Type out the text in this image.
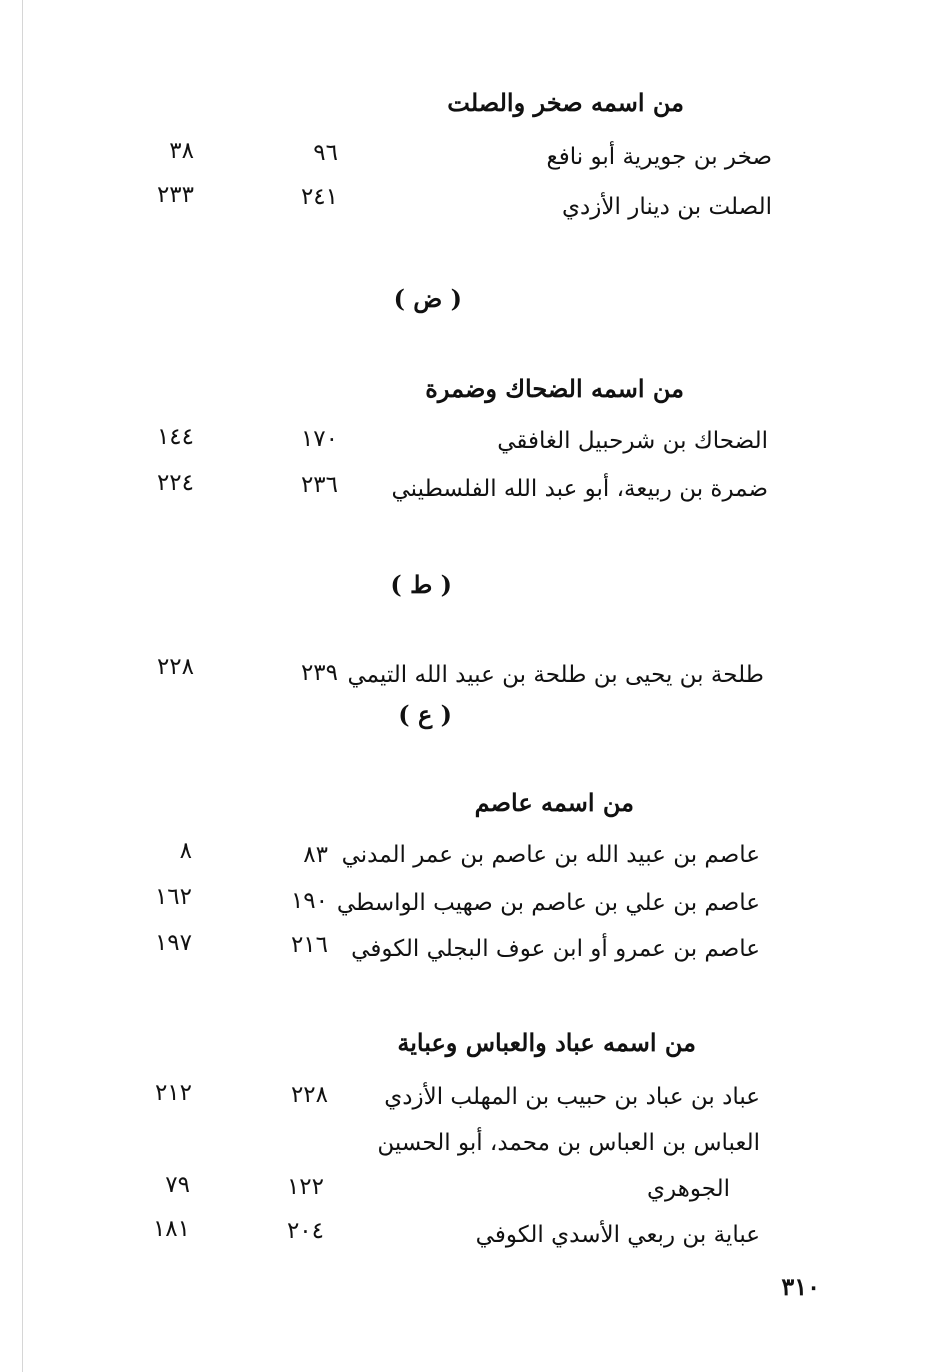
من اسمه صخر والصلت
صخر بن جويرية أبو نافع
٩٦
٣٨
الصلت بن دينار الأزدي
٢٤١
٢٣٣
( ض )
من اسمه الضحاك وضمرة
الضحاك بن شرحبيل الغافقي
١٧٠
١٤٤
ضمرة بن ربيعة، أبو عبد الله الفلسطيني
٢٣٦
٢٢٤
( ط )
طلحة بن يحيى بن طلحة بن عبيد الله التيمي
٢٣٩
٢٢٨
( ع )
من اسمه عاصم
عاصم بن عبيد الله بن عاصم بن عمر المدني
٨٣
٨
عاصم بن علي بن عاصم بن صهيب الواسطي
١٩٠
١٦٢
عاصم بن عمرو أو ابن عوف البجلي الكوفي
٢١٦
١٩٧
من اسمه عباد والعباس وعباية
عباد بن عباد بن حبيب بن المهلب الأزدي
٢٢٨
٢١٢
العباس بن العباس بن محمد، أبو الحسين
الجوهري
١٢٢
٧٩
عباية بن ربعي الأسدي الكوفي
٢٠٤
١٨١
٣١٠
